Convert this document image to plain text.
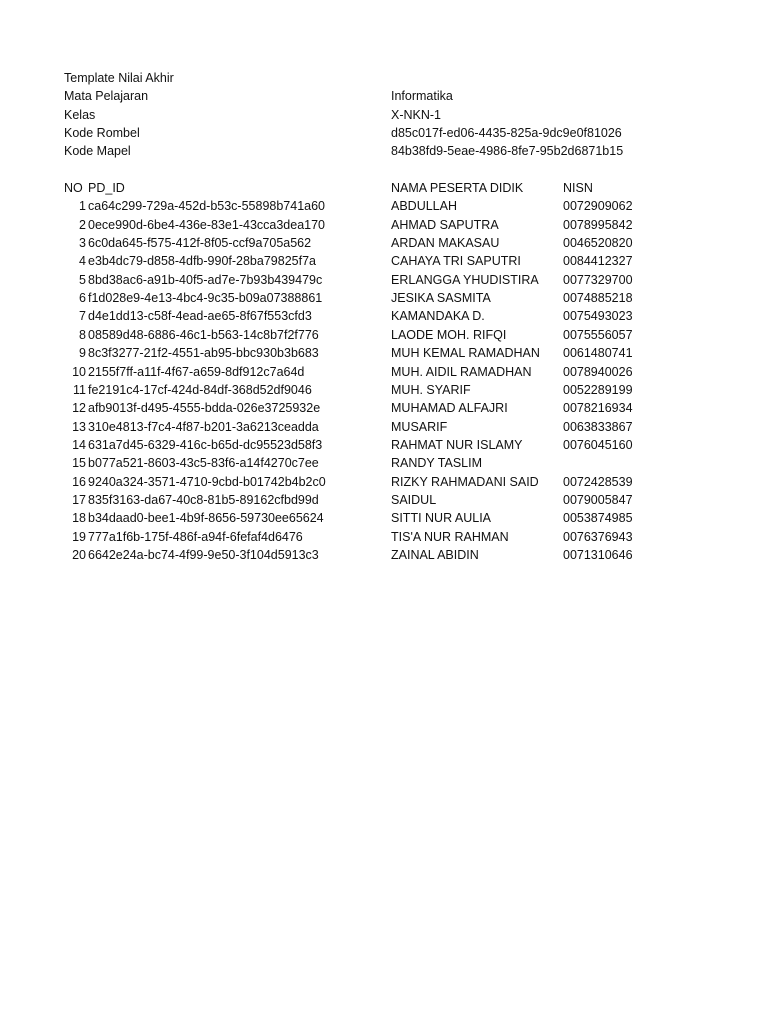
Template Nilai Akhir
Mata Pelajaran	Informatika
Kelas	X-NKN-1
Kode Rombel	d85c017f-ed06-4435-825a-9dc9e0f81026
Kode Mapel	84b38fd9-5eae-4986-8fe7-95b2d6871b15
NO PD_ID	NAMA PESERTA DIDIK	NISN
1 ca64c299-729a-452d-b53c-55898b741a60	ABDULLAH	0072909062
2 0ece990d-6be4-436e-83e1-43cca3dea170	AHMAD SAPUTRA	0078995842
3 6c0da645-f575-412f-8f05-ccf9a705a562	ARDAN MAKASAU	0046520820
4 e3b4dc79-d858-4dfb-990f-28ba79825f7a	CAHAYA TRI SAPUTRI	0084412327
5 8bd38ac6-a91b-40f5-ad7e-7b93b439479c	ERLANGGA YHUDISTIRA 0077329700
6 f1d028e9-4e13-4bc4-9c35-b09a07388861	JESIKA SASMITA	0074885218
7 d4e1dd13-c58f-4ead-ae65-8f67f553cfd3	KAMANDAKA D.	0075493023
8 08589d48-6886-46c1-b563-14c8b7f2f776	LAODE MOH. RIFQI	0075556057
9 8c3f3277-21f2-4551-ab95-bbc930b3b683	MUH KEMAL RAMADHAN 0061480741
10 2155f7ff-a11f-4f67-a659-8df912c7a64d	MUH. AIDIL RAMADHAN	0078940026
11 fe2191c4-17cf-424d-84df-368d52df9046	MUH. SYARIF	0052289199
12 afb9013f-d495-4555-bdda-026e3725932e	MUHAMAD ALFAJRI	0078216934
13 310e4813-f7c4-4f87-b201-3a6213ceadda	MUSARIF	0063833867
14 631a7d45-6329-416c-b65d-dc95523d58f3	RAHMAT NUR ISLAMY	0076045160
15 b077a521-8603-43c5-83f6-a14f4270c7ee	RANDY TASLIM
16 9240a324-3571-4710-9cbd-b01742b4b2c0	RIZKY RAHMADANI SAID 0072428539
17 835f3163-da67-40c8-81b5-89162cfbd99d	SAIDUL	0079005847
18 b34daad0-bee1-4b9f-8656-59730ee65624	SITTI NUR AULIA	0053874985
19 777a1f6b-175f-486f-a94f-6fefaf4d6476	TIS'A NUR RAHMAN	0076376943
20 6642e24a-bc74-4f99-9e50-3f104d5913c3	ZAINAL ABIDIN	0071310646
